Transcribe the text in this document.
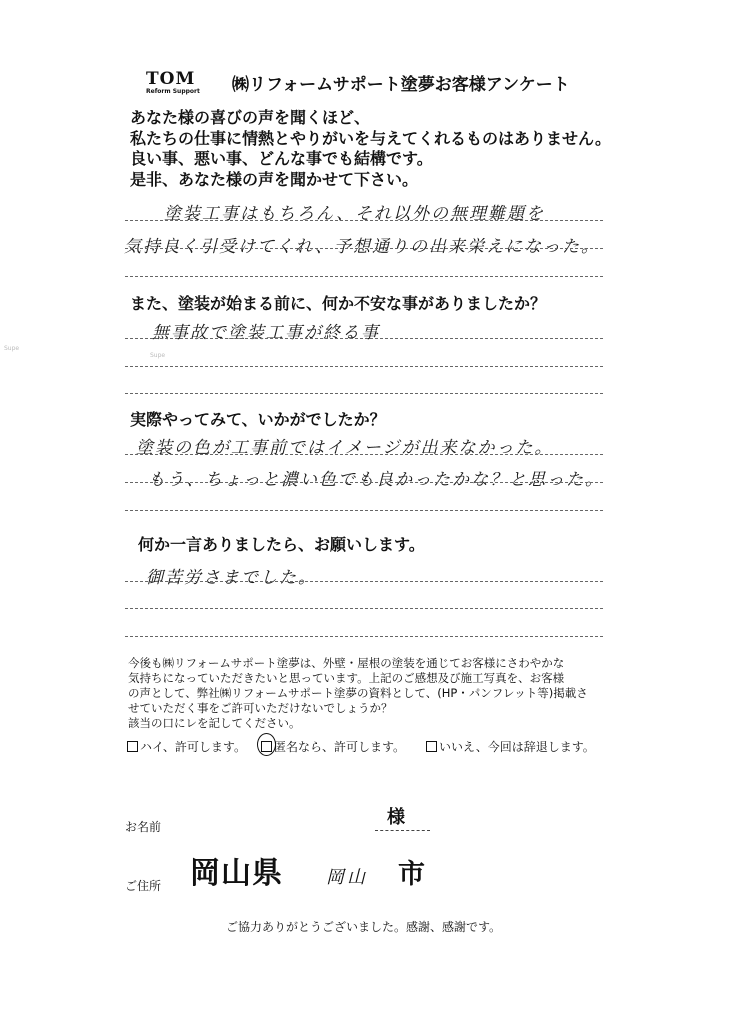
TOM
Reform Support	㈱リフォームサポート塗夢お客様アンケート
あなた様の喜びの声を聞くほど、
私たちの仕事に情熱とやりがいを与えてくれるものはありません。
良い事、悪い事、どんな事でも結構です。
是非、あなた様の声を聞かせて下さい。
塗装工事はもちろん、それ以外の無理難題を
気持良く引受けてくれ、予想通りの出来栄えになった。
また、塗装が始まる前に、何か不安な事がありましたか？
無事故で塗装工事が終る事
実際やってみて、いかがでしたか？
塗装の色が工事前ではイメージが出来なかった。
もう、ちょっと濃い色でも良かったかな？と思った。
何か一言ありましたら、お願いします。
御苦労さまでした。
今後も㈱リフォームサポート塗夢は、外壁・屋根の塗装を通じてお客様にさわやかな
気持ちになっていただきたいと思っています。上記のご感想及び施工写真を、お客様
の声として、弊社㈱リフォームサポート塗夢の資料として、(HP・パンフレット等)掲載さ
せていただく事をご許可いただけないでしょうか？
該当の口にレを記してください。
ハイ、許可します。	匿名なら、許可します。	いいえ、今回は辞退します。
お名前	様
ご住所 岡山県 岡山 市
ご協力ありがとうございました。感謝、感謝です。
Supe
Supe
